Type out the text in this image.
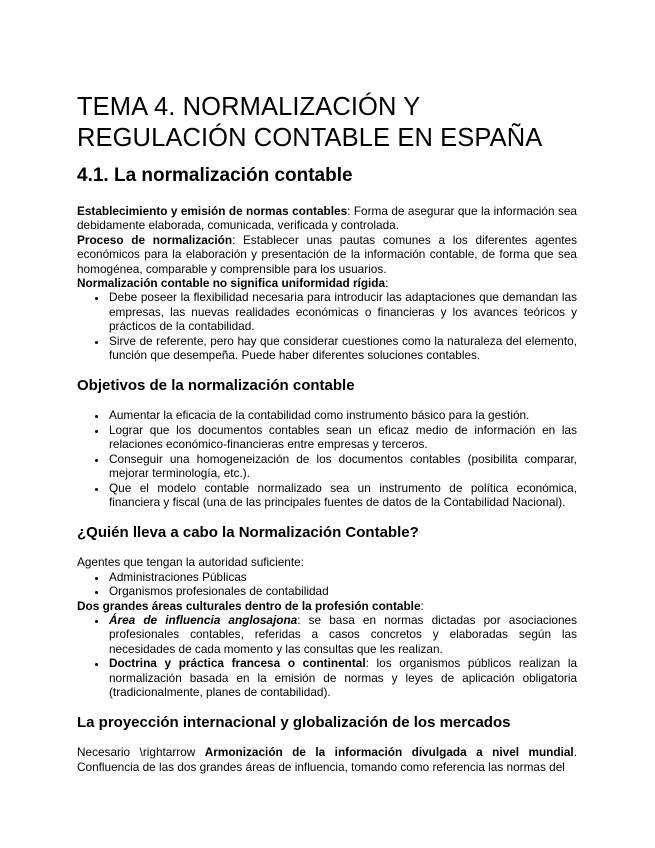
TEMA 4. NORMALIZACIÓN Y REGULACIÓN CONTABLE EN ESPAÑA
4.1. La normalización contable

Establecimiento y emisión de normas contables: Forma de asegurar que la información sea debidamente elaborada, comunicada, verificada y controlada.

Proceso de normalización: Establecer unas pautas comunes a los diferentes agentes económicos para la elaboración y presentación de la información contable, de forma que sea homogénea, comparable y comprensible para los usuarios.

Normalización contable no significa uniformidad rígida:

• Debe poseer la flexibilidad necesaria para introducir las adaptaciones que demandan las empresas, las nuevas realidades económicas o financieras y los avances teóricos y prácticos de la contabilidad.
• Sirve de referente, pero hay que considerar cuestiones como la naturaleza del elemento, función que desempeña. Puede haber diferentes soluciones contables.
Objetivos de la normalización contable
• Aumentar la eficacia de la contabilidad como instrumento básico para la gestión.
• Lograr que los documentos contables sean un eficaz medio de información en las relaciones económico-financieras entre empresas y terceros.
• Conseguir una homogeneización de los documentos contables (posibilita comparar, mejorar terminología, etc.).
• Que el modelo contable normalizado sea un instrumento de política económica, financiera y fiscal (una de las principales fuentes de datos de la Contabilidad Nacional).
¿Quién lleva a cabo la Normalización Contable?

Agentes que tengan la autoridad suficiente:

• Administraciones Públicas
• Organismos profesionales de contabilidad

Dos grandes áreas culturales dentro de la profesión contable:

• Área de influencia anglosajona: se basa en normas dictadas por asociaciones profesionales contables, referidas a casos concretos y elaboradas según las necesidades de cada momento y las consultas que les realizan.
• Doctrina y práctica francesa o continental: los organismos públicos realizan la normalización basada en la emisión de normas y leyes de aplicación obligatoria (tradicionalmente, planes de contabilidad).
La proyección internacional y globalización de los mercados

Necesario \rightarrow Armonización de la información divulgada a nivel mundial. Confluencia de las dos grandes áreas de influencia, tomando como referencia las normas del
